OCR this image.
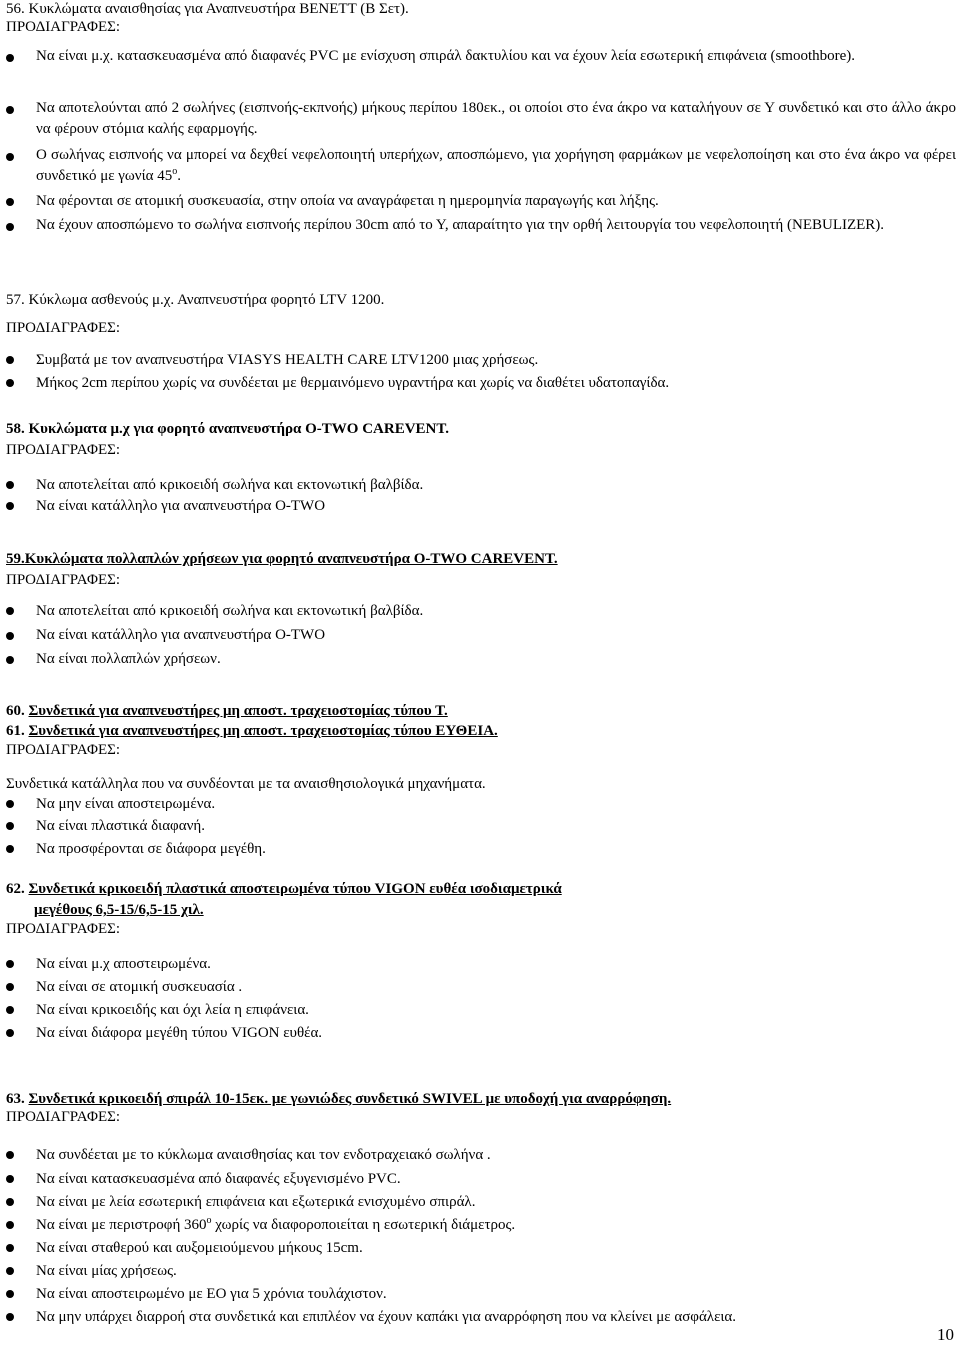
56. Κυκλώματα αναισθησίας για Αναπνευστήρα BENETT (Β Σετ).
ΠΡΟΔΙΑΓΡΑΦΕΣ:
Να είναι μ.χ. κατασκευασμένα από διαφανές PVC με ενίσχυση σπιράλ δακτυλίου και να έχουν λεία εσωτερική επιφάνεια (smoothbore).
Να αποτελούνται από 2 σωλήνες (εισπνοής-εκπνοής) μήκους περίπου 180εκ., οι οποίοι στο ένα άκρο να καταλήγουν σε Υ συνδετικό και στο άλλο άκρο να φέρουν στόμια καλής εφαρμογής.
Ο σωλήνας εισπνοής να μπορεί να δεχθεί νεφελοποιητή υπερήχων, αποσπώμενο, για χορήγηση φαρμάκων με νεφελοποίηση και στο ένα άκρο να φέρει συνδετικό με γωνία $45^o$.
Να φέρονται σε ατομική συσκευασία, στην οποία να αναγράφεται η ημερομηνία παραγωγής και λήξης.
Να έχουν αποσπώμενο το σωλήνα εισπνοής περίπου 30cm από το Υ, απαραίτητο για την ορθή λειτουργία του νεφελοποιητή (NEBULIZER).
57. Κύκλωμα ασθενούς μ.χ. Αναπνευστήρα φορητό LTV 1200.
ΠΡΟΔΙΑΓΡΑΦΕΣ:
Συμβατά με τον αναπνευστήρα VIASYS HEALTH CARE LTV1200 μιας χρήσεως.
Μήκος 2cm περίπου χωρίς να συνδέεται με θερμαινόμενο υγραντήρα και χωρίς να διαθέτει υδατοπαγίδα.
58. Κυκλώματα μ.χ για φορητό αναπνευστήρα O-TWO CAREVENT.
ΠΡΟΔΙΑΓΡΑΦΕΣ:
Να αποτελείται από κρικοειδή σωλήνα και εκτονωτική βαλβίδα.
Να είναι κατάλληλο για αναπνευστήρα O-TWO
59.Κυκλώματα πολλαπλών χρήσεων για φορητό αναπνευστήρα O-TWO CAREVENT.
ΠΡΟΔΙΑΓΡΑΦΕΣ:
Να αποτελείται από κρικοειδή σωλήνα και εκτονωτική βαλβίδα.
Να είναι κατάλληλο για αναπνευστήρα O-TWO
Να είναι πολλαπλών χρήσεων.
60. Συνδετικά για αναπνευστήρες μη αποστ. τραχειοστομίας τύπου Τ.
61. Συνδετικά για αναπνευστήρες μη αποστ. τραχειοστομίας τύπου ΕΥΘΕΙΑ.
ΠΡΟΔΙΑΓΡΑΦΕΣ:
Συνδετικά κατάλληλα που να συνδέονται με τα αναισθησιολογικά μηχανήματα.
Να μην είναι αποστειρωμένα.
Να είναι πλαστικά διαφανή.
Να προσφέρονται σε διάφορα μεγέθη.
62. Συνδετικά κρικοειδή πλαστικά αποστειρωμένα τύπου VIGON ευθέα ισοδιαμετρικά
μεγέθους 6,5-15/6,5-15 χιλ.
ΠΡΟΔΙΑΓΡΑΦΕΣ:
Να είναι μ.χ αποστειρωμένα.
Να είναι σε ατομική συσκευασία .
Να είναι κρικοειδής και όχι λεία η επιφάνεια.
Να είναι διάφορα μεγέθη τύπου VIGON ευθέα.
63. Συνδετικά κρικοειδή σπιράλ 10-15εκ. με γωνιώδες συνδετικό SWIVEL με υποδοχή για αναρρόφηση.
ΠΡΟΔΙΑΓΡΑΦΕΣ:
Να συνδέεται με το κύκλωμα αναισθησίας και τον ενδοτραχειακό σωλήνα .
Να είναι κατασκευασμένα από διαφανές εξυγενισμένο PVC.
Να είναι με λεία εσωτερική επιφάνεια και εξωτερικά ενισχυμένο σπιράλ.
Να είναι με περιστροφή $360^o$ χωρίς να διαφοροποιείται η εσωτερική διάμετρος.
Να είναι σταθερού και αυξομειούμενου μήκους 15cm.
Να είναι μίας χρήσεως.
Να είναι αποστειρωμένο με ΕΟ για 5 χρόνια τουλάχιστον.
Να μην υπάρχει διαρροή στα συνδετικά και επιπλέον να έχουν καπάκι για αναρρόφηση που να κλείνει με ασφάλεια.
10
